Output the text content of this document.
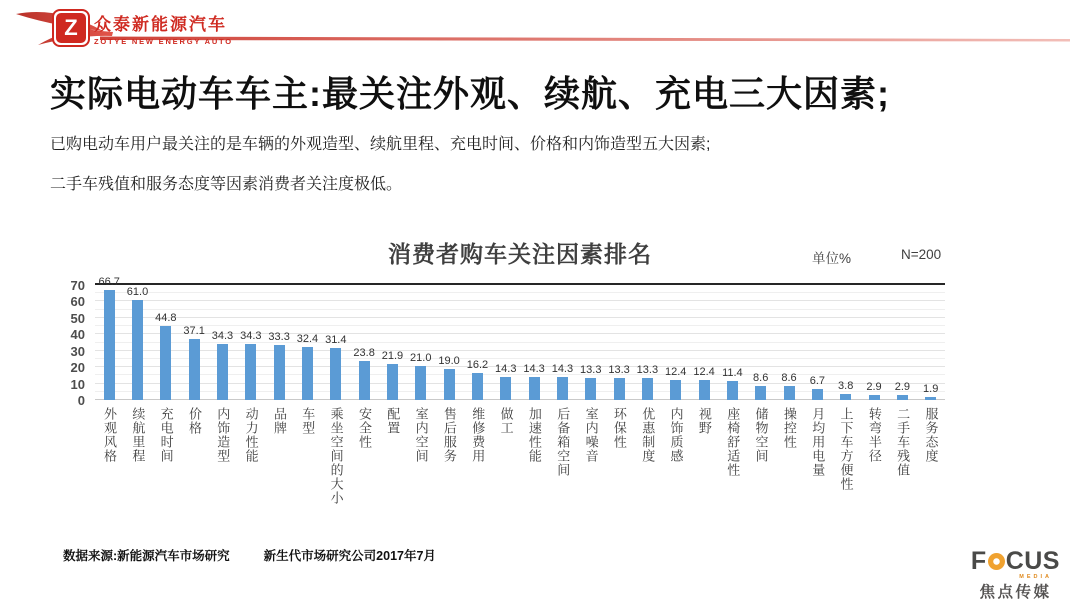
Z 众泰新能源汽车
ZOTYE NEW ENERGY AUTO
实际电动车车主:最关注外观、续航、充电三大因素;
已购电动车用户最关注的是车辆的外观造型、续航里程、充电时间、价格和内饰造型五大因素;
二手车残值和服务态度等因素消费者关注度极低。
消费者购车关注因素排名	单位%	N=200
0
10
20
30
40
50
60
70 66.7
61.0
44.8
37.1 34.3 34.3 33.3 32.4 31.4
23.8 21.9 21.0 19.0 16.2 14.3 14.3 14.3 13.3 13.3 13.3 12.4 12.4 11.4 8.6 8.6 6.7 3.8 2.9 2.9 1.9
外观风格 续航里程 充电时间 价格 内饰造型 动力性能 品牌 车型 乘坐空间的大小 安全性 配置 室内空间 售后服务 维修费用 做工 加速性能 后备箱空间 室内噪音 环保性 优惠制度 内饰质感 视野 座椅舒适性 储物空间 操控性 月均用电量 上下车方便性 转弯半径 二手车残值 服务态度
数据来源:新能源汽车市场研究	新生代市场研究公司2017年7月	F CUS
MEDIA
焦点传媒
